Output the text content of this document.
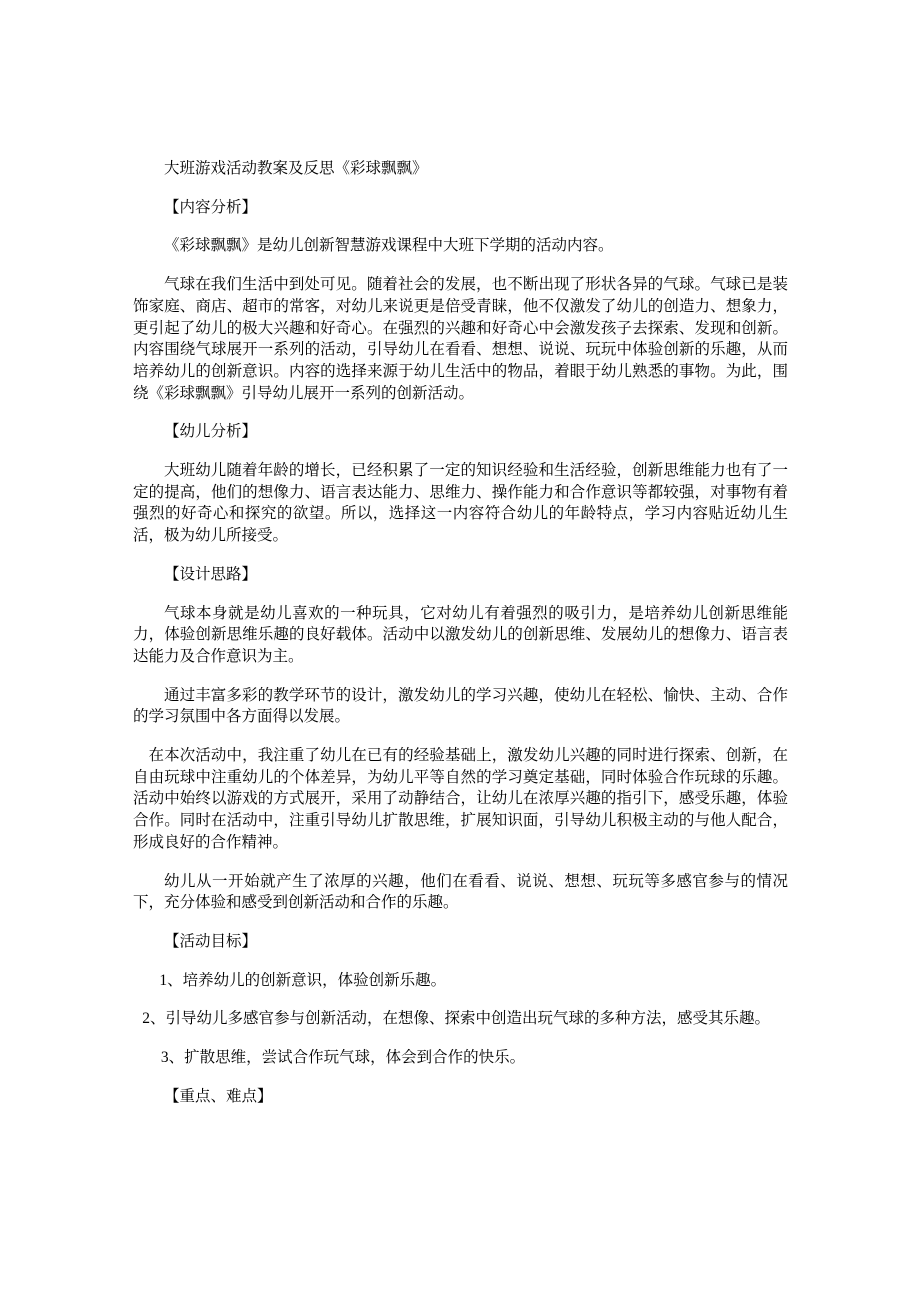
大班游戏活动教案及反思《彩球飘飘》
【内容分析】
《彩球飘飘》是幼儿创新智慧游戏课程中大班下学期的活动内容。
气球在我们生活中到处可见。随着社会的发展，也不断出现了形状各异的气球。气球已是装饰家庭、商店、超市的常客，对幼儿来说更是倍受青睐，他不仅激发了幼儿的创造力、想象力，更引起了幼儿的极大兴趣和好奇心。在强烈的兴趣和好奇心中会激发孩子去探索、发现和创新。内容围绕气球展开一系列的活动，引导幼儿在看看、想想、说说、玩玩中体验创新的乐趣，从而培养幼儿的创新意识。内容的选择来源于幼儿生活中的物品，着眼于幼儿熟悉的事物。为此，围绕《彩球飘飘》引导幼儿展开一系列的创新活动。
【幼儿分析】
大班幼儿随着年龄的增长，已经积累了一定的知识经验和生活经验，创新思维能力也有了一定的提高，他们的想像力、语言表达能力、思维力、操作能力和合作意识等都较强，对事物有着强烈的好奇心和探究的欲望。所以，选择这一内容符合幼儿的年龄特点，学习内容贴近幼儿生活，极为幼儿所接受。
【设计思路】
气球本身就是幼儿喜欢的一种玩具，它对幼儿有着强烈的吸引力，是培养幼儿创新思维能力，体验创新思维乐趣的良好载体。活动中以激发幼儿的创新思维、发展幼儿的想像力、语言表达能力及合作意识为主。
通过丰富多彩的教学环节的设计，激发幼儿的学习兴趣，使幼儿在轻松、愉快、主动、合作的学习氛围中各方面得以发展。
在本次活动中，我注重了幼儿在已有的经验基础上，激发幼儿兴趣的同时进行探索、创新，在自由玩球中注重幼儿的个体差异，为幼儿平等自然的学习奠定基础，同时体验合作玩球的乐趣。活动中始终以游戏的方式展开，采用了动静结合，让幼儿在浓厚兴趣的指引下，感受乐趣，体验合作。同时在活动中，注重引导幼儿扩散思维，扩展知识面，引导幼儿积极主动的与他人配合，形成良好的合作精神。
幼儿从一开始就产生了浓厚的兴趣，他们在看看、说说、想想、玩玩等多感官参与的情况下，充分体验和感受到创新活动和合作的乐趣。
【活动目标】
1、培养幼儿的创新意识，体验创新乐趣。
2、引导幼儿多感官参与创新活动，在想像、探索中创造出玩气球的多种方法，感受其乐趣。
3、扩散思维，尝试合作玩气球，体会到合作的快乐。
【重点、难点】
